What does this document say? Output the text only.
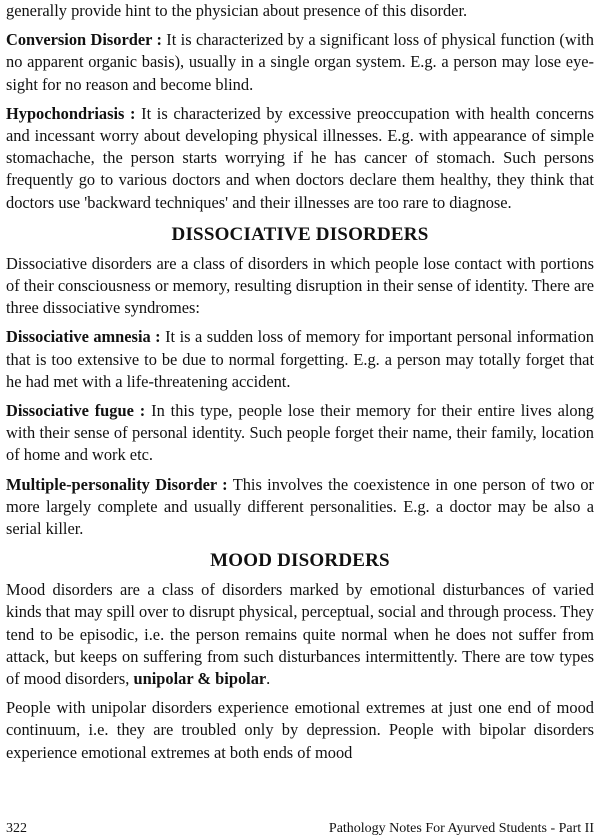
generally provide hint to the physician about presence of this disorder.

Conversion Disorder : It is characterized by a significant loss of physical function (with no apparent organic basis), usually in a single organ system. E.g. a person may lose eye-sight for no reason and become blind.

Hypochondriasis : It is characterized by excessive preoccupation with health concerns and incessant worry about developing physical illnesses. E.g. with appearance of simple stomachache, the person starts worrying if he has cancer of stomach. Such persons frequently go to various doctors and when doctors declare them healthy, they think that doctors use 'backward techniques' and their illnesses are too rare to diagnose.

DISSOCIATIVE DISORDERS

Dissociative disorders are a class of disorders in which people lose contact with portions of their consciousness or memory, resulting disruption in their sense of identity. There are three dissociative syndromes:

Dissociative amnesia : It is a sudden loss of memory for important personal information that is too extensive to be due to normal forgetting. E.g. a person may totally forget that he had met with a life-threatening accident.

Dissociative fugue : In this type, people lose their memory for their entire lives along with their sense of personal identity. Such people forget their name, their family, location of home and work etc.

Multiple-personality Disorder : This involves the coexistence in one person of two or more largely complete and usually different personalities. E.g. a doctor may be also a serial killer.

MOOD DISORDERS

Mood disorders are a class of disorders marked by emotional disturbances of varied kinds that may spill over to disrupt physical, perceptual, social and through process. They tend to be episodic, i.e. the person remains quite normal when he does not suffer from attack, but keeps on suffering from such disturbances intermittently. There are tow types of mood disorders, unipolar & bipolar.

People with unipolar disorders experience emotional extremes at just one end of mood continuum, i.e. they are troubled only by depression. People with bipolar disorders experience emotional extremes at both ends of mood

322	Pathology Notes For Ayurved Students - Part II
